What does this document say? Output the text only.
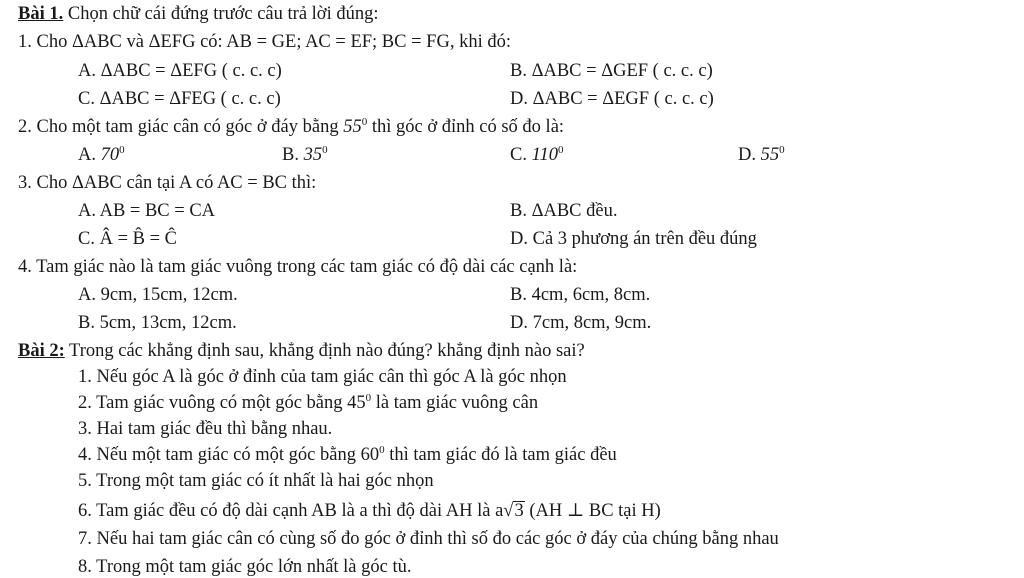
Bài 1. Chọn chữ cái đứng trước câu trả lời đúng:
1. Cho ΔABC và ΔEFG có: AB = GE; AC = EF; BC = FG, khi đó:
A. ΔABC = ΔEFG ( c. c. c)	B. ΔABC = ΔGEF ( c. c. c)
C. ΔABC = ΔFEG ( c. c. c)	D. ΔABC = ΔEGF ( c. c. c)
2. Cho một tam giác cân có góc ở đáy bằng $55^0$ thì góc ở đỉnh có số đo là:
A. $70^0$	B. $35^0$	C. $110^0$	D. $55^0$
3. Cho ΔABC cân tại A có AC = BC thì:
A. AB = BC = CA	B. ΔABC đều.
C. Â = B̂ = Ĉ	D. Cả 3 phương án trên đều đúng
4. Tam giác nào là tam giác vuông trong các tam giác có độ dài các cạnh là:
A. 9cm, 15cm, 12cm.	B. 4cm, 6cm, 8cm.
B. 5cm, 13cm, 12cm.	D. 7cm, 8cm, 9cm.
Bài 2: Trong các khẳng định sau, khẳng định nào đúng? khẳng định nào sai?
1. Nếu góc A là góc ở đỉnh của tam giác cân thì góc A là góc nhọn
2. Tam giác vuông có một góc bằng $45^0$ là tam giác vuông cân
3. Hai tam giác đều thì bằng nhau.
4. Nếu một tam giác có một góc bằng $60^0$ thì tam giác đó là tam giác đều
5. Trong một tam giác có ít nhất là hai góc nhọn
6. Tam giác đều có độ dài cạnh AB là a thì độ dài AH là a√3 (AH ⊥ BC tại H)
7. Nếu hai tam giác cân có cùng số đo góc ở đỉnh thì số đo các góc ở đáy của chúng bằng nhau
8. Trong một tam giác góc lớn nhất là góc tù.
